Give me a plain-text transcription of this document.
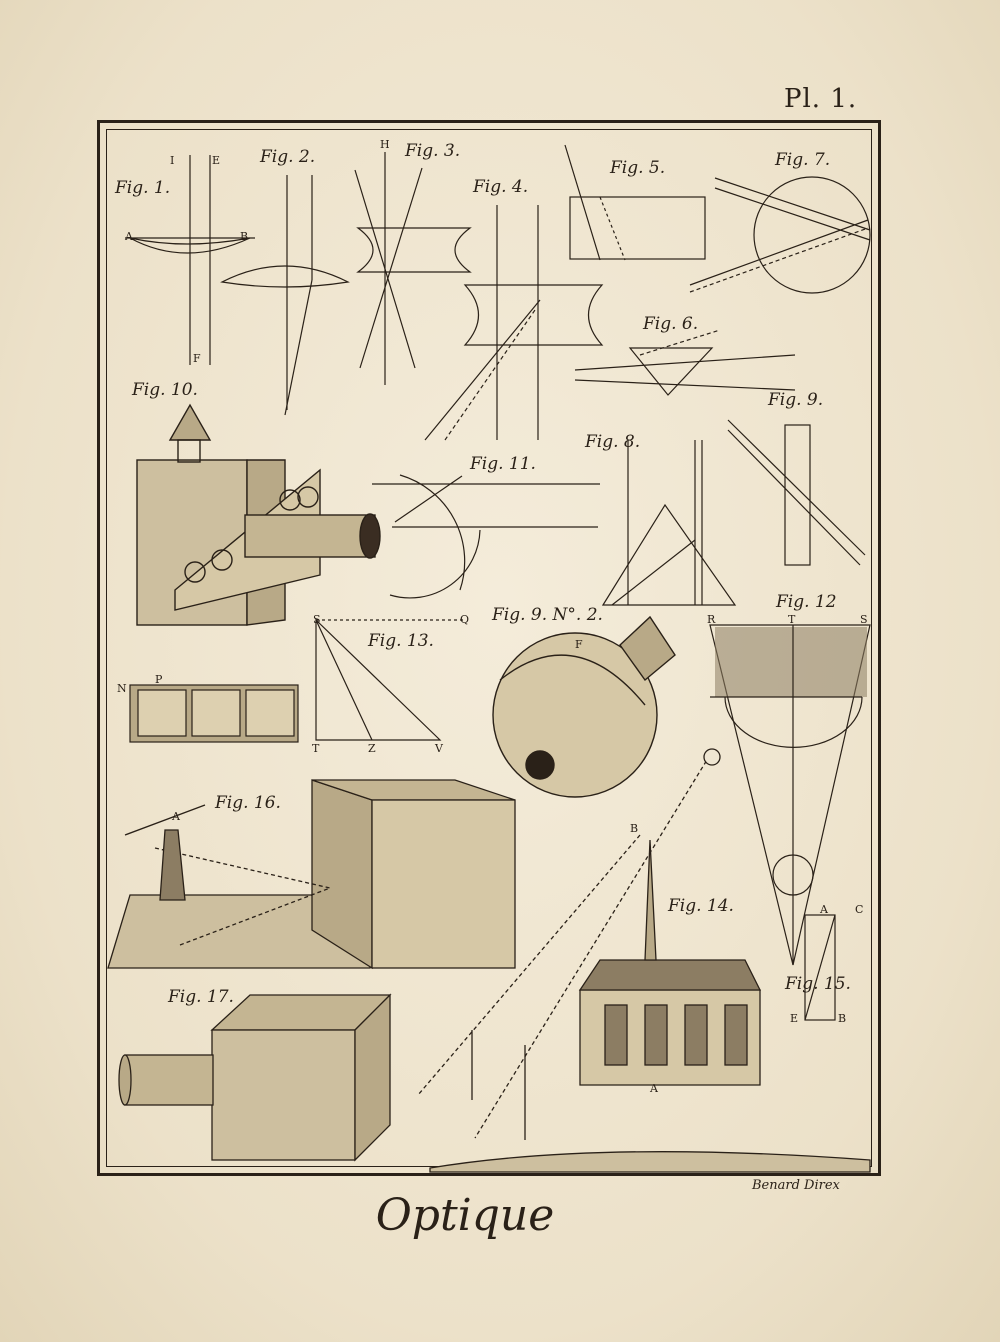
Pl. 1.
I	E
A	B
F
H
F
R	T	S
S	Q
T	Z	V
N
P
A
B
A
A C
E	B
Fig. 1.
Fig. 2.	Fig. 3.
Fig. 4.
Fig. 5.
Fig. 6.
Fig. 7.
Fig. 8.
Fig. 9.
Fig. 9. N°. 2.
Fig. 10.
Fig. 11.
Fig. 12
Fig. 13.
Fig. 14.
Fig. 15.
Fig. 16.
Fig. 17.
Benard Direx
Optique
